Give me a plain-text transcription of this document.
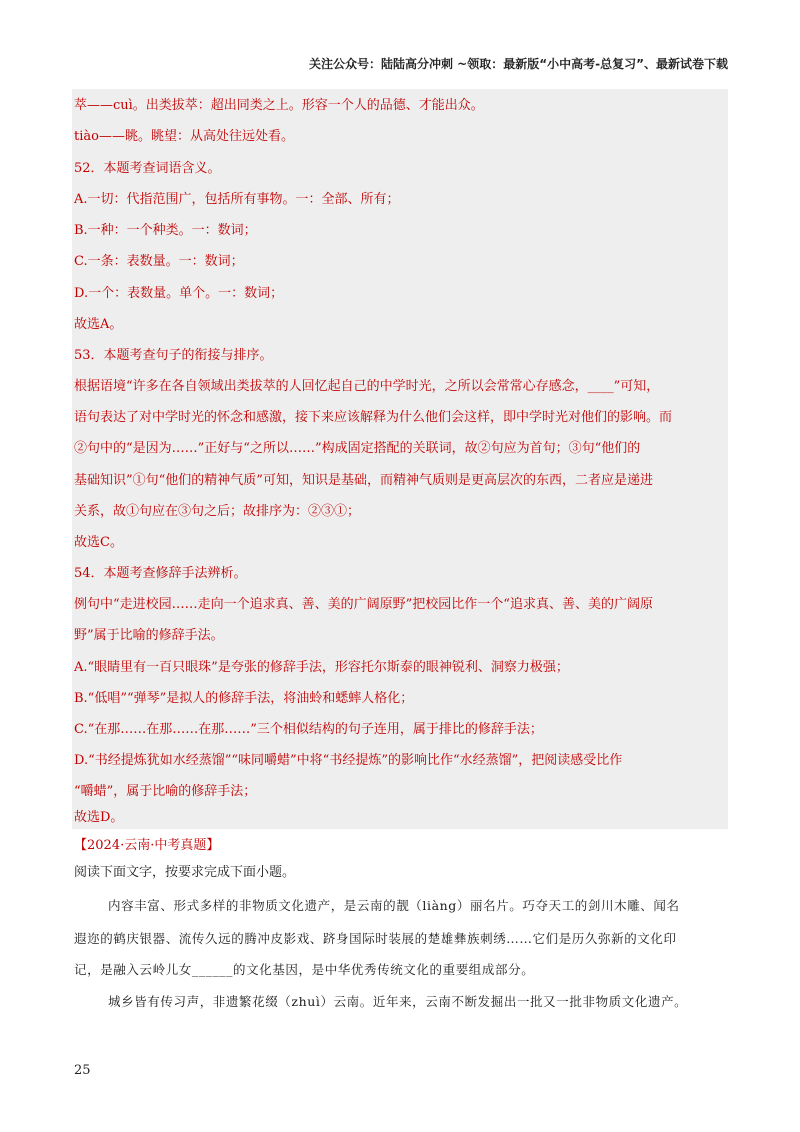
关注公众号：陆陆高分冲刺 ~领取：最新版“小中高考-总复习”、最新试卷下载
萃——cuì。出类拔萃：超出同类之上。形容一个人的品德、才能出众。
tiào——眺。眺望：从高处往远处看。
52．本题考查词语含义。
A.一切：代指范围广，包括所有事物。一：全部、所有；
B.一种：一个种类。一：数词；
C.一条：表数量。一：数词；
D.一个：表数量。单个。一：数词；
故选A。
53．本题考查句子的衔接与排序。
根据语境“许多在各自领域出类拔萃的人回忆起自己的中学时光，之所以会常常心存感念，____”可知，
语句表达了对中学时光的怀念和感激，接下来应该解释为什么他们会这样，即中学时光对他们的影响。而
②句中的“是因为……”正好与“之所以……”构成固定搭配的关联词，故②句应为首句；③句“他们的
基础知识”①句“他们的精神气质”可知，知识是基础，而精神气质则是更高层次的东西，二者应是递进
关系，故①句应在③句之后；故排序为：②③①；
故选C。
54．本题考查修辞手法辨析。
例句中“走进校园……走向一个追求真、善、美的广阔原野”把校园比作一个“追求真、善、美的广阔原
野”属于比喻的修辞手法。
A.“眼睛里有一百只眼珠”是夸张的修辞手法，形容托尔斯泰的眼神锐利、洞察力极强；
B.“低唱”“弹琴”是拟人的修辞手法，将油蛉和蟋蟀人格化；
C.“在那……在那……在那……”三个相似结构的句子连用，属于排比的修辞手法；
D.“书经提炼犹如水经蒸馏”“味同嚼蜡”中将“书经提炼”的影响比作“水经蒸馏”，把阅读感受比作
“嚼蜡”，属于比喻的修辞手法；
故选D。
【2024·云南·中考真题】
阅读下面文字，按要求完成下面小题。
内容丰富、形式多样的非物质文化遗产，是云南的靓（liàng）丽名片。巧夺天工的剑川木雕、闻名
遐迩的鹤庆银器、流传久远的腾冲皮影戏、跻身国际时装展的楚雄彝族刺绣……它们是历久弥新的文化印
记，是融入云岭儿女______的文化基因，是中华优秀传统文化的重要组成部分。
城乡皆有传习声，非遗繁花缀（zhuì）云南。近年来，云南不断发掘出一批又一批非物质文化遗产。
25
